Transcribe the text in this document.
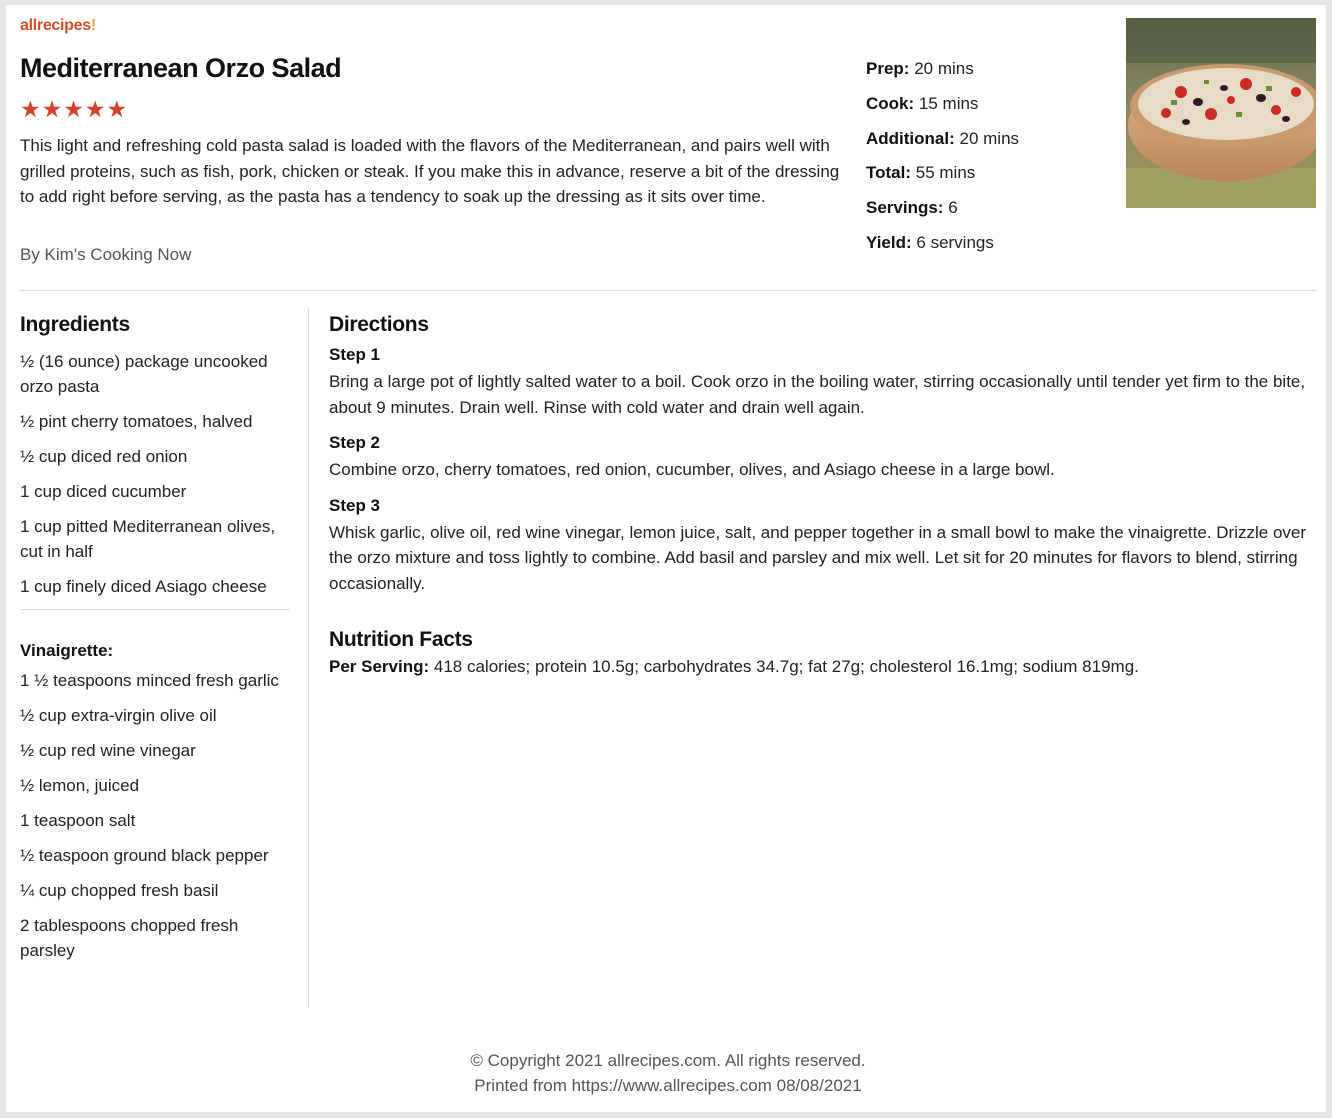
allrecipes!
Mediterranean Orzo Salad
★★★★★

This light and refreshing cold pasta salad is loaded with the flavors of the Mediterranean, and pairs well with grilled proteins, such as fish, pork, chicken or steak. If you make this in advance, reserve a bit of the dressing to add right before serving, as the pasta has a tendency to soak up the dressing as it sits over time.

By Kim's Cooking Now
Prep: 20 mins
Cook: 15 mins
Additional: 20 mins
Total: 55 mins
Servings: 6
Yield: 6 servings
Ingredients
½ (16 ounce) package uncooked orzo pasta
½ pint cherry tomatoes, halved
½ cup diced red onion
1 cup diced cucumber
1 cup pitted Mediterranean olives, cut in half
1 cup finely diced Asiago cheese
Vinaigrette:
1 ½ teaspoons minced fresh garlic
½ cup extra-virgin olive oil
½ cup red wine vinegar
½ lemon, juiced
1 teaspoon salt
½ teaspoon ground black pepper
¼ cup chopped fresh basil
2 tablespoons chopped fresh parsley
Directions
Step 1

Bring a large pot of lightly salted water to a boil. Cook orzo in the boiling water, stirring occasionally until tender yet firm to the bite, about 9 minutes. Drain well. Rinse with cold water and drain well again.

Step 2

Combine orzo, cherry tomatoes, red onion, cucumber, olives, and Asiago cheese in a large bowl.

Step 3

Whisk garlic, olive oil, red wine vinegar, lemon juice, salt, and pepper together in a small bowl to make the vinaigrette. Drizzle over the orzo mixture and toss lightly to combine. Add basil and parsley and mix well. Let sit for 20 minutes for flavors to blend, stirring occasionally.

Nutrition Facts

Per Serving: 418 calories; protein 10.5g; carbohydrates 34.7g; fat 27g; cholesterol 16.1mg; sodium 819mg.

© Copyright 2021 allrecipes.com. All rights reserved.
Printed from https://www.allrecipes.com 08/08/2021
